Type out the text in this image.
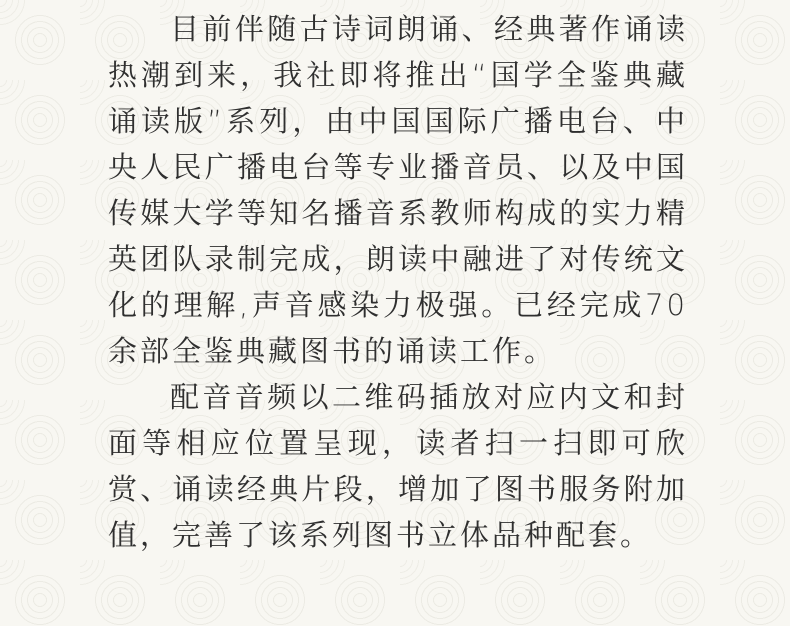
目前伴随古诗词朗诵、经典著作诵读热潮到来，我社即将推出“国学全鉴典藏诵读版”系列，由中国国际广播电台、中央人民广播电台等专业播音员、以及中国传媒大学等知名播音系教师构成的实力精英团队录制完成，朗读中融进了对传统文化的理解,声音感染力极强。已经完成70余部全鉴典藏图书的诵读工作。

配音音频以二维码插放对应内文和封面等相应位置呈现，读者扫一扫即可欣赏、诵读经典片段，增加了图书服务附加值，完善了该系列图书立体品种配套。
